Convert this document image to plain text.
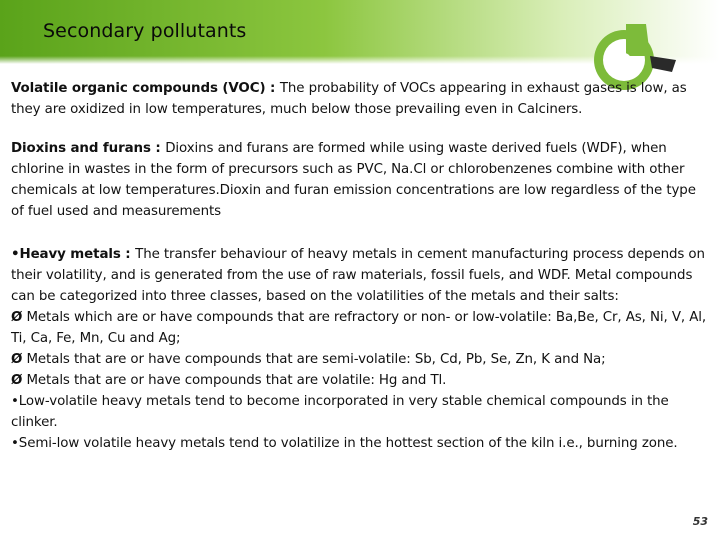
Secondary pollutants

Volatile organic compounds (VOC) : The probability of VOCs appearing in exhaust gases is low, as they are oxidized in low temperatures, much below those prevailing even in Calciners.

Dioxins and furans : Dioxins and furans are formed while using waste derived fuels (WDF), when chlorine in wastes in the form of precursors such as PVC, Na.Cl or chlorobenzenes combine with other chemicals at low temperatures.Dioxin and furan emission concentrations are low regardless of the type of fuel used and measurements

•Heavy metals : The transfer behaviour of heavy metals in cement manufacturing process depends on their volatility, and is generated from the use of raw materials, fossil fuels, and WDF. Metal compounds can be categorized into three classes, based on the volatilities of the metals and their salts:

Ø Metals which are or have compounds that are refractory or non- or low-volatile: Ba,Be, Cr, As, Ni, V, Al, Ti, Ca, Fe, Mn, Cu and Ag;

Ø Metals that are or have compounds that are semi-volatile: Sb, Cd, Pb, Se, Zn, K and Na;

Ø Metals that are or have compounds that are volatile: Hg and Tl.

•Low-volatile heavy metals tend to become incorporated in very stable chemical compounds in the clinker.

•Semi-low volatile heavy metals tend to volatilize in the hottest section of the kiln i.e., burning zone.

53
